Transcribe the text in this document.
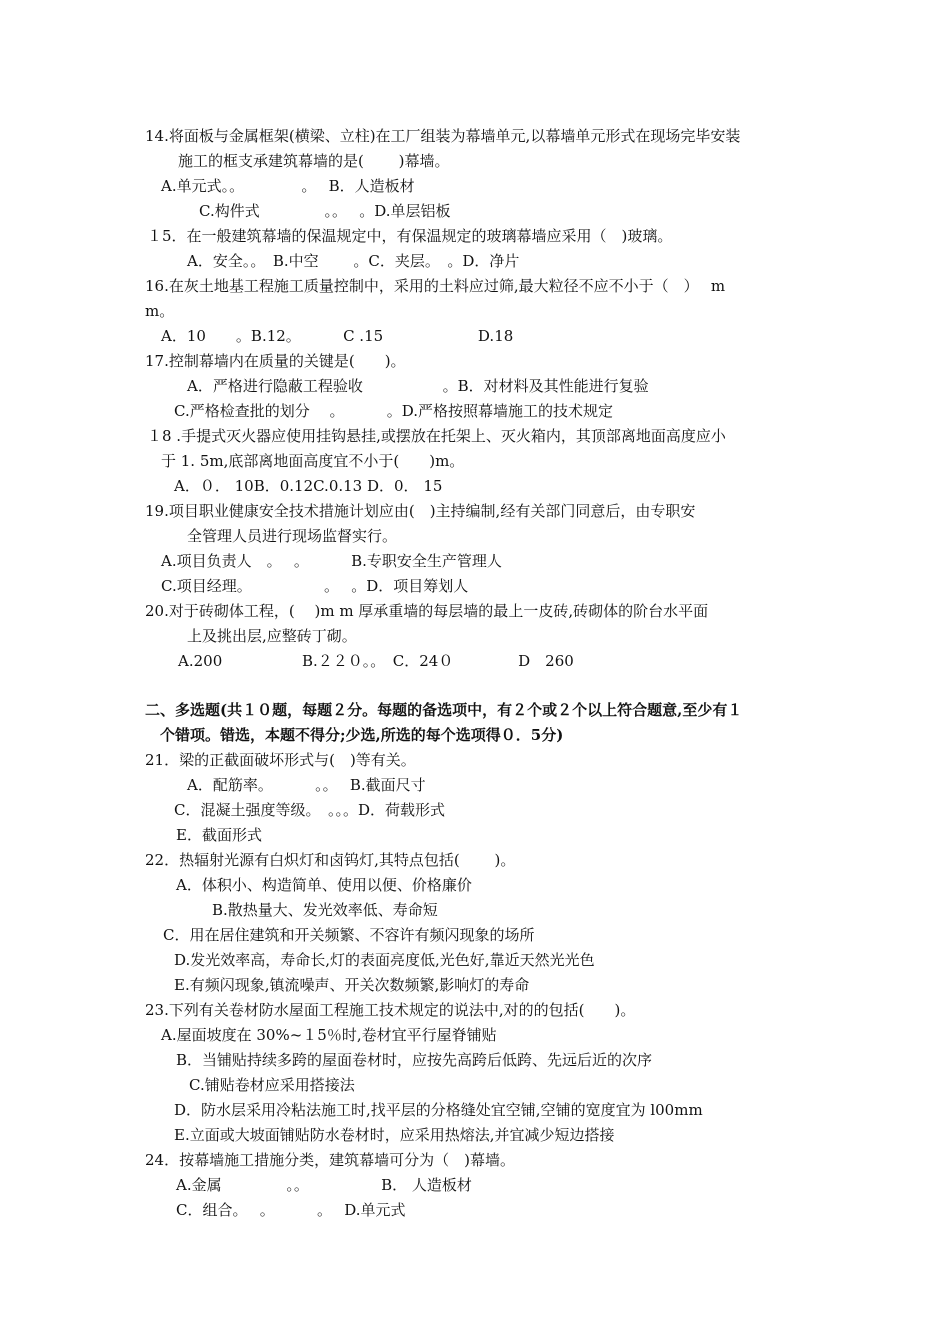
14.将面板与金属框架(横梁、立柱)在工厂组装为幕墙单元,以幕墙单元形式在现场完毕安装
施工的框支承建筑幕墙的是(　　 )幕墙。
A.单元式。。　　　　 。　 B．人造板材
C.构件式　　　　 。。　 。D.单层铝板
１5．在一般建筑幕墙的保温规定中，有保温规定的玻璃幕墙应采用（　)玻璃。
A．安全。。　B.中空　　 。C．夹层。　。D．净片
16.在灰土地基工程施工质量控制中，采用的土料应过筛,最大粒径不应不小于（　）　 m
m。
A．10　　。B.12。　　　 C .15　　　　　　 D.18
17.控制幕墙内在质量的关键是(　　)。
A．严格进行隐蔽工程验收　　　　　 。B．对材料及其性能进行复验
C.严格检查批的划分　 。　　　 。D.严格按照幕墙施工的技术规定
１8 .手提式灭火器应使用挂钩悬挂,或摆放在托架上、灭火箱内，其顶部离地面高度应小
于 1. 5m,底部离地面高度宜不小于(　　)m。
A．０． 10B．0.12C.0.13 D．0． 15
19.项目职业健康安全技术措施计划应由(　)主持编制,经有关部门同意后，由专职安
全管理人员进行现场监督实行。
A.项目负责人　。　 。　　 　B.专职安全生产管理人
C.项目经理。　　　　　 。　 。D．项目筹划人
20.对于砖砌体工程，(　 )m m 厚承重墙的每层墙的最上一皮砖,砖砌体的阶台水平面
上及挑出层,应整砖丁砌。
A.200　　　　　 B.２２０。。　C．24０　　　　 D　260
二、多选题(共１０题，每题２分。每题的备选项中，有２个或２个以上符合题意,至少有１
个错项。错选，本题不得分;少选,所选的每个选项得０．5分)
21．梁的正截面破坏形式与(　)等有关。
A．配筋率。　　　 。。　 B.截面尺寸
C．混凝土强度等级。　。。。D．荷载形式
E．截面形式
22．热辐射光源有白炽灯和卤钨灯,其特点包括(　　 )。
A．体积小、构造简单、使用以便、价格廉价
B.散热量大、发光效率低、寿命短
C．用在居住建筑和开关频繁、不容许有频闪现象的场所
D.发光效率高，寿命长,灯的表面亮度低,光色好,靠近天然光光色
E.有频闪现象,镇流噪声、开关次数频繁,影响灯的寿命
23.下列有关卷材防水屋面工程施工技术规定的说法中,对的的包括(　　)。
A.屋面坡度在 30%~１5％时,卷材宜平行屋脊铺贴
B．当铺贴持续多跨的屋面卷材时，应按先高跨后低跨、先远后近的次序
C.铺贴卷材应采用搭接法
D．防水层采用冷粘法施工时,找平层的分格缝处宜空铺,空铺的宽度宜为 l00mm
E.立面或大坡面铺贴防水卷材时，应采用热熔法,并宜减少短边搭接
24．按幕墙施工措施分类，建筑幕墙可分为（　)幕墙。
A.金属　　　　 。。　　　　　 B． 人造板材
C．组合。　 。　　　 。　 D.单元式
